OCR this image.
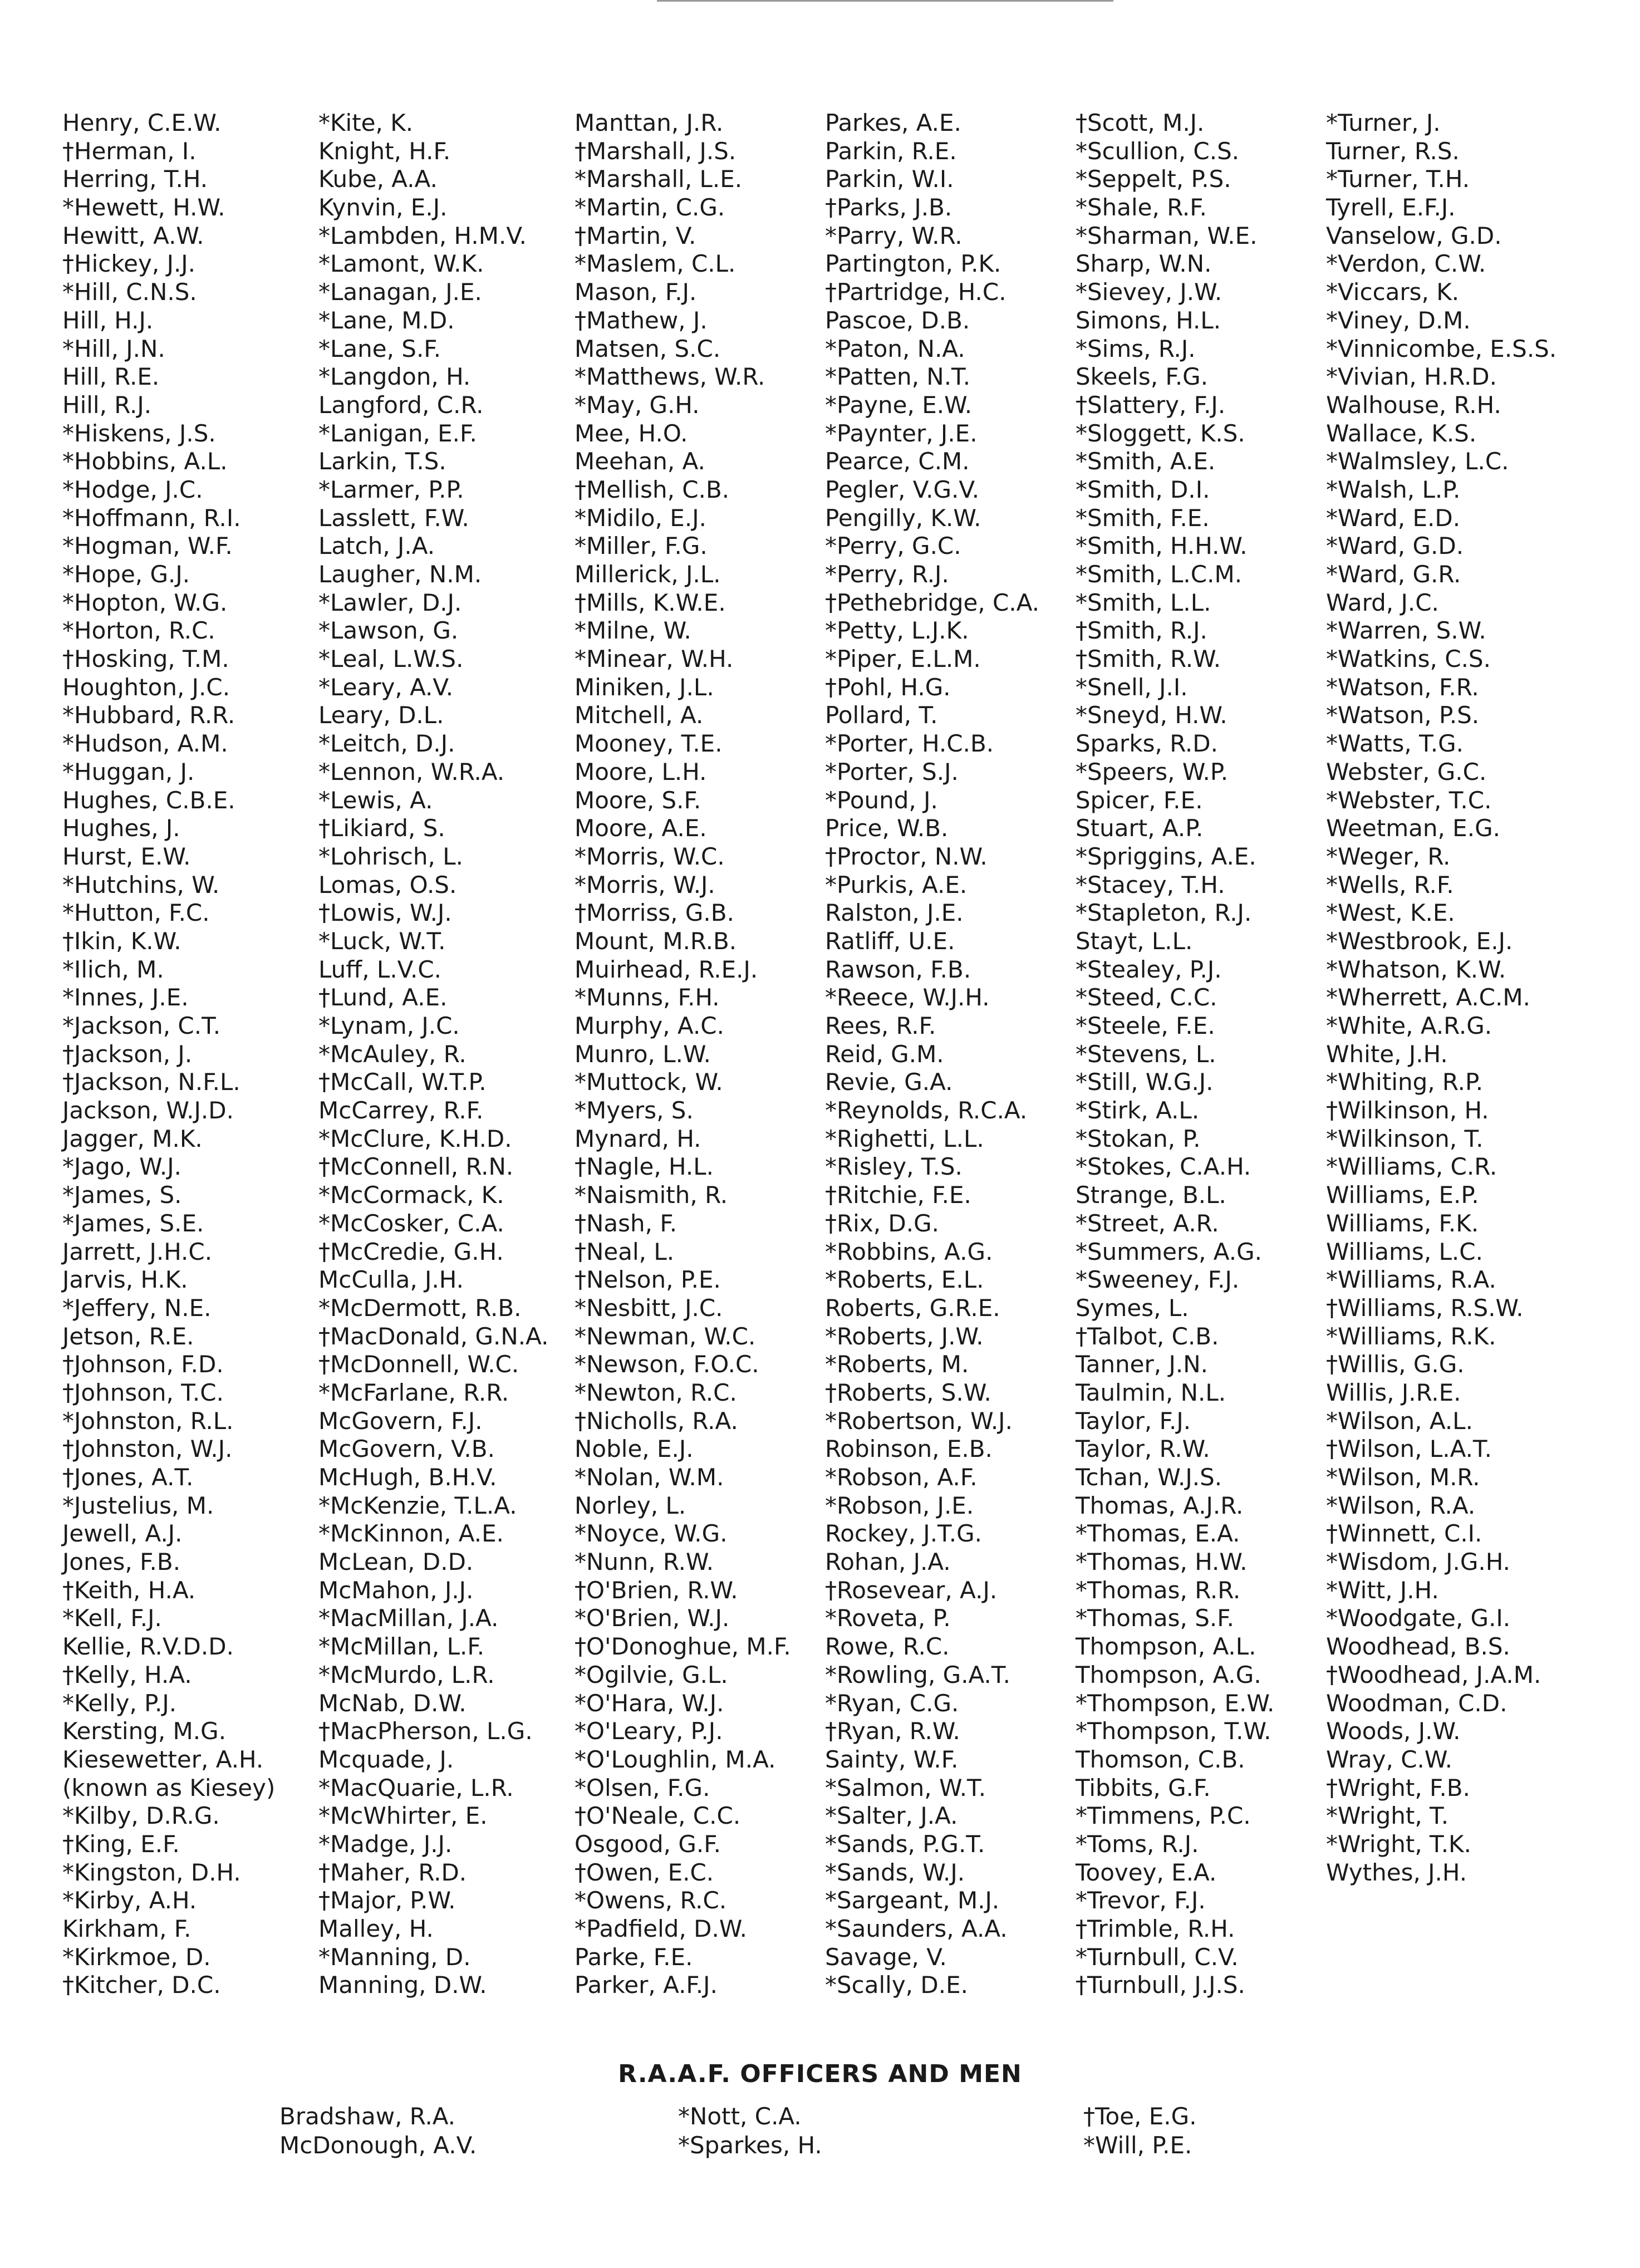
Henry, C.E.W.
†Herman, I.
Herring, T.H.
*Hewett, H.W.
Hewitt, A.W.
†Hickey, J.J.
*Hill, C.N.S.
Hill, H.J.
*Hill, J.N.
Hill, R.E.
Hill, R.J.
*Hiskens, J.S.
*Hobbins, A.L.
*Hodge, J.C.
*Hoffmann, R.I.
*Hogman, W.F.
*Hope, G.J.
*Hopton, W.G.
*Horton, R.C.
†Hosking, T.M.
Houghton, J.C.
*Hubbard, R.R.
*Hudson, A.M.
*Huggan, J.
Hughes, C.B.E.
Hughes, J.
Hurst, E.W.
*Hutchins, W.
*Hutton, F.C.
†Ikin, K.W.
*Ilich, M.
*Innes, J.E.
*Jackson, C.T.
†Jackson, J.
†Jackson, N.F.L.
Jackson, W.J.D.
Jagger, M.K.
*Jago, W.J.
*James, S.
*James, S.E.
Jarrett, J.H.C.
Jarvis, H.K.
*Jeffery, N.E.
Jetson, R.E.
†Johnson, F.D.
†Johnson, T.C.
*Johnston, R.L.
†Johnston, W.J.
†Jones, A.T.
*Justelius, M.
Jewell, A.J.
Jones, F.B.
†Keith, H.A.
*Kell, F.J.
Kellie, R.V.D.D.
†Kelly, H.A.
*Kelly, P.J.
Kersting, M.G.
Kiesewetter, A.H.
(known as Kiesey)
*Kilby, D.R.G.
†King, E.F.
*Kingston, D.H.
*Kirby, A.H.
Kirkham, F.
*Kirkmoe, D.
†Kitcher, D.C.
*Kite, K.
Knight, H.F.
Kube, A.A.
Kynvin, E.J.
*Lambden, H.M.V.
*Lamont, W.K.
*Lanagan, J.E.
*Lane, M.D.
*Lane, S.F.
*Langdon, H.
Langford, C.R.
*Lanigan, E.F.
Larkin, T.S.
*Larmer, P.P.
Lasslett, F.W.
Latch, J.A.
Laugher, N.M.
*Lawler, D.J.
*Lawson, G.
*Leal, L.W.S.
*Leary, A.V.
Leary, D.L.
*Leitch, D.J.
*Lennon, W.R.A.
*Lewis, A.
†Likiard, S.
*Lohrisch, L.
Lomas, O.S.
†Lowis, W.J.
*Luck, W.T.
Luff, L.V.C.
†Lund, A.E.
*Lynam, J.C.
*McAuley, R.
†McCall, W.T.P.
McCarrey, R.F.
*McClure, K.H.D.
†McConnell, R.N.
*McCormack, K.
*McCosker, C.A.
†McCredie, G.H.
McCulla, J.H.
*McDermott, R.B.
†MacDonald, G.N.A.
†McDonnell, W.C.
*McFarlane, R.R.
McGovern, F.J.
McGovern, V.B.
McHugh, B.H.V.
*McKenzie, T.L.A.
*McKinnon, A.E.
McLean, D.D.
McMahon, J.J.
*MacMillan, J.A.
*McMillan, L.F.
*McMurdo, L.R.
McNab, D.W.
†MacPherson, L.G.
Mcquade, J.
*MacQuarie, L.R.
*McWhirter, E.
*Madge, J.J.
†Maher, R.D.
†Major, P.W.
Malley, H.
*Manning, D.
Manning, D.W.
Manttan, J.R.
†Marshall, J.S.
*Marshall, L.E.
*Martin, C.G.
†Martin, V.
*Maslem, C.L.
Mason, F.J.
†Mathew, J.
Matsen, S.C.
*Matthews, W.R.
*May, G.H.
Mee, H.O.
Meehan, A.
†Mellish, C.B.
*Midilo, E.J.
*Miller, F.G.
Millerick, J.L.
†Mills, K.W.E.
*Milne, W.
*Minear, W.H.
Miniken, J.L.
Mitchell, A.
Mooney, T.E.
Moore, L.H.
Moore, S.F.
Moore, A.E.
*Morris, W.C.
*Morris, W.J.
†Morriss, G.B.
Mount, M.R.B.
Muirhead, R.E.J.
*Munns, F.H.
Murphy, A.C.
Munro, L.W.
*Muttock, W.
*Myers, S.
Mynard, H.
†Nagle, H.L.
*Naismith, R.
†Nash, F.
†Neal, L.
†Nelson, P.E.
*Nesbitt, J.C.
*Newman, W.C.
*Newson, F.O.C.
*Newton, R.C.
†Nicholls, R.A.
Noble, E.J.
*Nolan, W.M.
Norley, L.
*Noyce, W.G.
*Nunn, R.W.
†O'Brien, R.W.
*O'Brien, W.J.
†O'Donoghue, M.F.
*Ogilvie, G.L.
*O'Hara, W.J.
*O'Leary, P.J.
*O'Loughlin, M.A.
*Olsen, F.G.
†O'Neale, C.C.
Osgood, G.F.
†Owen, E.C.
*Owens, R.C.
*Padfield, D.W.
Parke, F.E.
Parker, A.F.J.
Parkes, A.E.
Parkin, R.E.
Parkin, W.I.
†Parks, J.B.
*Parry, W.R.
Partington, P.K.
†Partridge, H.C.
Pascoe, D.B.
*Paton, N.A.
*Patten, N.T.
*Payne, E.W.
*Paynter, J.E.
Pearce, C.M.
Pegler, V.G.V.
Pengilly, K.W.
*Perry, G.C.
*Perry, R.J.
†Pethebridge, C.A.
*Petty, L.J.K.
*Piper, E.L.M.
†Pohl, H.G.
Pollard, T.
*Porter, H.C.B.
*Porter, S.J.
*Pound, J.
Price, W.B.
†Proctor, N.W.
*Purkis, A.E.
Ralston, J.E.
Ratliff, U.E.
Rawson, F.B.
*Reece, W.J.H.
Rees, R.F.
Reid, G.M.
Revie, G.A.
*Reynolds, R.C.A.
*Righetti, L.L.
*Risley, T.S.
†Ritchie, F.E.
†Rix, D.G.
*Robbins, A.G.
*Roberts, E.L.
Roberts, G.R.E.
*Roberts, J.W.
*Roberts, M.
†Roberts, S.W.
*Robertson, W.J.
Robinson, E.B.
*Robson, A.F.
*Robson, J.E.
Rockey, J.T.G.
Rohan, J.A.
†Rosevear, A.J.
*Roveta, P.
Rowe, R.C.
*Rowling, G.A.T.
*Ryan, C.G.
†Ryan, R.W.
Sainty, W.F.
*Salmon, W.T.
*Salter, J.A.
*Sands, P.G.T.
*Sands, W.J.
*Sargeant, M.J.
*Saunders, A.A.
Savage, V.
*Scally, D.E.
†Scott, M.J.
*Scullion, C.S.
*Seppelt, P.S.
*Shale, R.F.
*Sharman, W.E.
Sharp, W.N.
*Sievey, J.W.
Simons, H.L.
*Sims, R.J.
Skeels, F.G.
†Slattery, F.J.
*Sloggett, K.S.
*Smith, A.E.
*Smith, D.I.
*Smith, F.E.
*Smith, H.H.W.
*Smith, L.C.M.
*Smith, L.L.
†Smith, R.J.
†Smith, R.W.
*Snell, J.I.
*Sneyd, H.W.
Sparks, R.D.
*Speers, W.P.
Spicer, F.E.
Stuart, A.P.
*Spriggins, A.E.
*Stacey, T.H.
*Stapleton, R.J.
Stayt, L.L.
*Stealey, P.J.
*Steed, C.C.
*Steele, F.E.
*Stevens, L.
*Still, W.G.J.
*Stirk, A.L.
*Stokan, P.
*Stokes, C.A.H.
Strange, B.L.
*Street, A.R.
*Summers, A.G.
*Sweeney, F.J.
Symes, L.
†Talbot, C.B.
Tanner, J.N.
Taulmin, N.L.
Taylor, F.J.
Taylor, R.W.
Tchan, W.J.S.
Thomas, A.J.R.
*Thomas, E.A.
*Thomas, H.W.
*Thomas, R.R.
*Thomas, S.F.
Thompson, A.L.
Thompson, A.G.
*Thompson, E.W.
*Thompson, T.W.
Thomson, C.B.
Tibbits, G.F.
*Timmens, P.C.
*Toms, R.J.
Toovey, E.A.
*Trevor, F.J.
†Trimble, R.H.
*Turnbull, C.V.
†Turnbull, J.J.S.
*Turner, J.
Turner, R.S.
*Turner, T.H.
Tyrell, E.F.J.
Vanselow, G.D.
*Verdon, C.W.
*Viccars, K.
*Viney, D.M.
*Vinnicombe, E.S.S.
*Vivian, H.R.D.
Walhouse, R.H.
Wallace, K.S.
*Walmsley, L.C.
*Walsh, L.P.
*Ward, E.D.
*Ward, G.D.
*Ward, G.R.
Ward, J.C.
*Warren, S.W.
*Watkins, C.S.
*Watson, F.R.
*Watson, P.S.
*Watts, T.G.
Webster, G.C.
*Webster, T.C.
Weetman, E.G.
*Weger, R.
*Wells, R.F.
*West, K.E.
*Westbrook, E.J.
*Whatson, K.W.
*Wherrett, A.C.M.
*White, A.R.G.
White, J.H.
*Whiting, R.P.
†Wilkinson, H.
*Wilkinson, T.
*Williams, C.R.
Williams, E.P.
Williams, F.K.
Williams, L.C.
*Williams, R.A.
†Williams, R.S.W.
*Williams, R.K.
†Willis, G.G.
Willis, J.R.E.
*Wilson, A.L.
†Wilson, L.A.T.
*Wilson, M.R.
*Wilson, R.A.
†Winnett, C.I.
*Wisdom, J.G.H.
*Witt, J.H.
*Woodgate, G.I.
Woodhead, B.S.
†Woodhead, J.A.M.
Woodman, C.D.
Woods, J.W.
Wray, C.W.
†Wright, F.B.
*Wright, T.
*Wright, T.K.
Wythes, J.H.
R.A.A.F. OFFICERS AND MEN
Bradshaw, R.A.
McDonough, A.V.
*Nott, C.A.
*Sparkes, H.
†Toe, E.G.
*Will, P.E.
